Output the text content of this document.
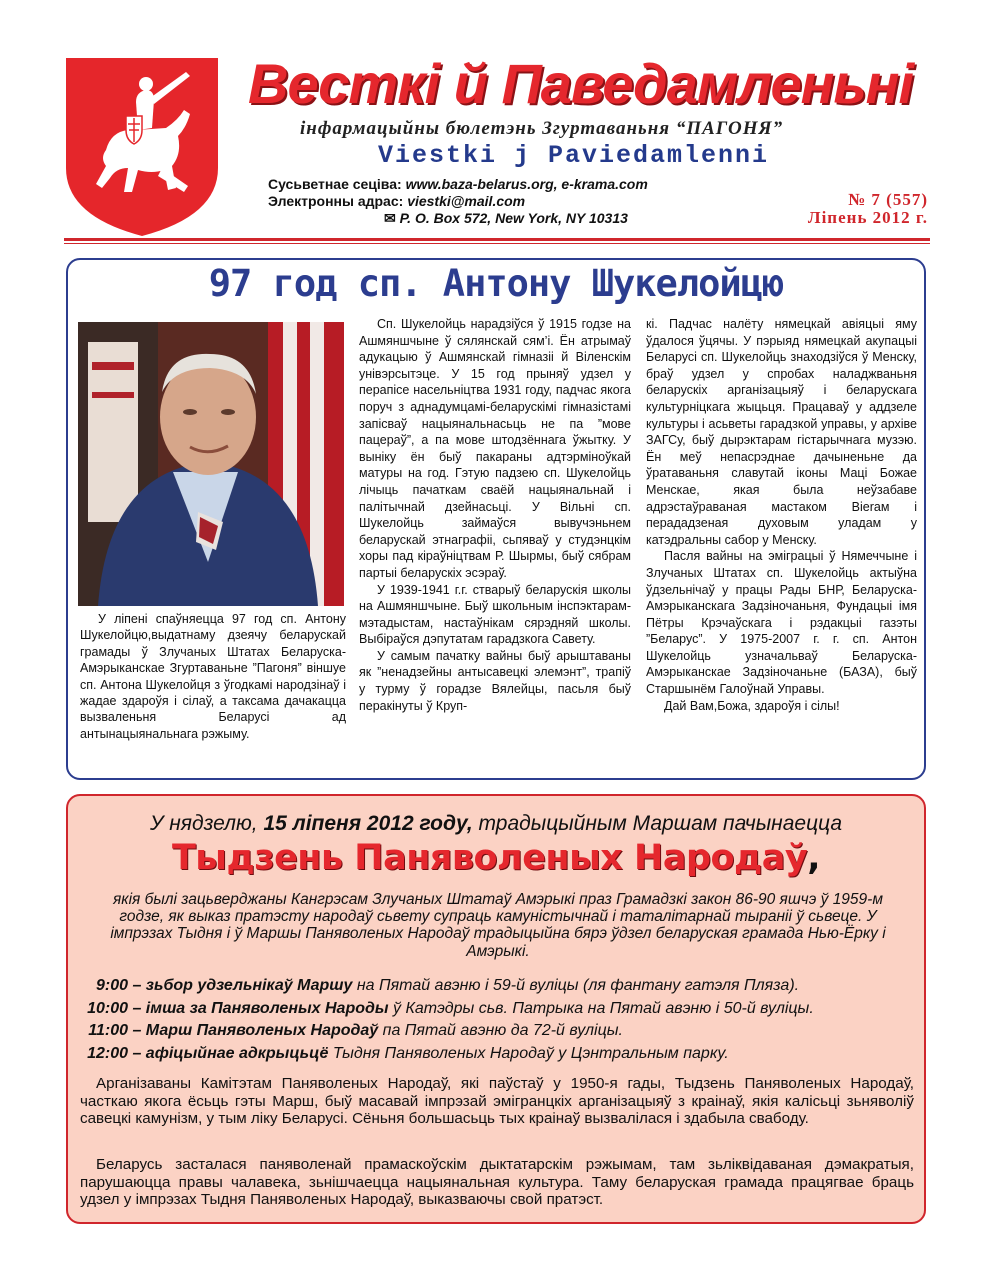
Весткі й Паведамленьні
інфармацыйны бюлетэнь Згуртаваньня “ПАГОНЯ”
Viestki j Paviedamlenni
Сусьветнае сеціва: www.baza-belarus.org, e-krama.com
Электронны адрас: viestki@mail.com
✉ P. O. Box 572, New York, NY 10313
№ 7 (557)
Ліпень 2012 г.
97 год сп. Антону Шукелойцю
У ліпені спаўняецца 97 год сп. Антону Шукелойцю,выдатнаму дзеячу беларускай грамады ў Злучаных Штатах Беларуска-Амэрыканскае Згуртаваньне ”Пагоня” віншуе сп. Антона Шукелойця з ўгодкамі народзінаў і жадае здароўя і сілаў, а таксама дачакацца вызваленьня Беларусі ад антынацыянальнага рэжыму.

Сп. Шукелойць нарадзіўся ў 1915 годзе на Ашмяншчыне ў сялянскай сям’і. Ён атрымаў адукацыю ў Ашмянскай гімназіі й Віленскім унівэрсытэце. У 15 год прыняў удзел у перапісе насельніцтва 1931 году, падчас якога поруч з аднадумцамі-беларускімі гімназістамі запісваў нацыянальнасьць не па ”мове пацераў”, а па мове штодзённага ўжытку. У выніку ён быў пакараны адтэрміноўкай матуры на год. Гэтую падзею сп. Шукелойць лічыць пачаткам сваёй нацыянальнай і палітычнай дзейнасьці. У Вільні сп. Шукелойць займаўся вывучэньнем беларускай этнаграфіі, сьпяваў у студэнцкім хоры пад кіраўніцтвам Р. Шырмы, быў сябрам партыі беларускіх эсэраў.

У 1939-1941 г.г. стварыў беларускія школы на Ашмяншчыне. Быў школьным інспэктарам-мэтадыстам, настаўнікам сярэдняй школы. Выбіраўся дэпутатам гарадзкога Савету.

У самым пачатку вайны быў арыштаваны як ”ненадзейны антысавецкі элемэнт”, трапіў у турму ў горадзе Вялейцы, пасьля быў перакінуты ў Круп-

кі. Падчас налёту нямецкай авіяцыі яму ўдалося ўцячы. У пэрыяд нямецкай акупацыі Беларусі сп. Шукелойць знаходзіўся ў Менску, браў удзел у спробах наладжваньня беларускіх арганізацыяў і беларускага культурніцкага жыцьця. Працаваў у аддзеле культуры і асьветы гарадзкой управы, у архіве ЗАГСу, быў дырэктарам гістарычнага музэю. Ён меў непасрэднае дачыненьне да ўратаваньня славутай іконы Маці Божае Менскае, якая была неўзабаве адрэстаўраваная мастаком Вierам і перададзеная духовым уладам у катэдральны сабор у Менску.

Пасля вайны на эміграцыі ў Нямеччыне і Злучаных Штатах сп. Шукелойць актыўна ўдзельнічаў у працы Рады БНР, Беларуска-Амэрыканскага Задзіночаньня, Фундацыі імя Пётры Крэчаўскага і рэдакцыі газэты ”Беларус”. У 1975-2007 г. г. сп. Антон Шукелойць узначальваў Беларуска-Амэрыканскае Задзіночаньне (БАЗА), быў Старшынём Галоўнай Управы.

Дай Вам,Божа, здароўя і сілы!

У нядзелю, 15 ліпеня 2012 году, традыцыйным Маршам пачынаецца
Тыдзень Паняволеных Народаў,
якія былі зацьверджаны Кангрэсам Злучаных Штатаў Амэрыкі праз Грамадзкі закон 86-90 яшчэ ў 1959-м годзе, як выказ пратэсту народаў сьвету супраць камуністычнай і таталітарнай тыраніі ў сьвеце. У імпрэзах Тыдня і ў Маршы Паняволеных Народаў традыцыйна бярэ ўдзел беларуская грамада Нью-Ёрку і Амэрыкі.
9:00 – зьбор удзельнікаў Маршу на Пятай авэню і 59-й вуліцы (ля фантану гатэля Пляза).
10:00 – імша за Паняволеных Народы ў Катэдры сьв. Патрыка на Пятай авэню і 50-й вуліцы.
11:00 – Марш Паняволеных Народаў па Пятай авэню да 72-й вуліцы.
12:00 – афіцыйнае адкрыцьцё Тыдня Паняволеных Народаў у Цэнтральным парку.
Арганізаваны Камітэтам Паняволеных Народаў, які паўстаў у 1950-я гады, Тыдзень Паняволеных Народаў, часткаю якога ёсьць гэты Марш, быў масавай імпрэзай эмігранцкіх арганізацыяў з краінаў, якія калісьці зьняволіў савецкі камунізм, у тым ліку Беларусі. Сёньня большасьць тых краінаў вызвалілася і здабыла свабоду.
Беларусь засталася паняволенай прамаскоўскім дыктатарскім рэжымам, там зьліквідаваная дэмакратыя, парушаюцца правы чалавека, зьнішчаецца нацыянальная культура. Таму беларуская грамада працягвае браць удзел у імпрэзах Тыдня Паняволеных Народаў, выказваючы свой пратэст.
